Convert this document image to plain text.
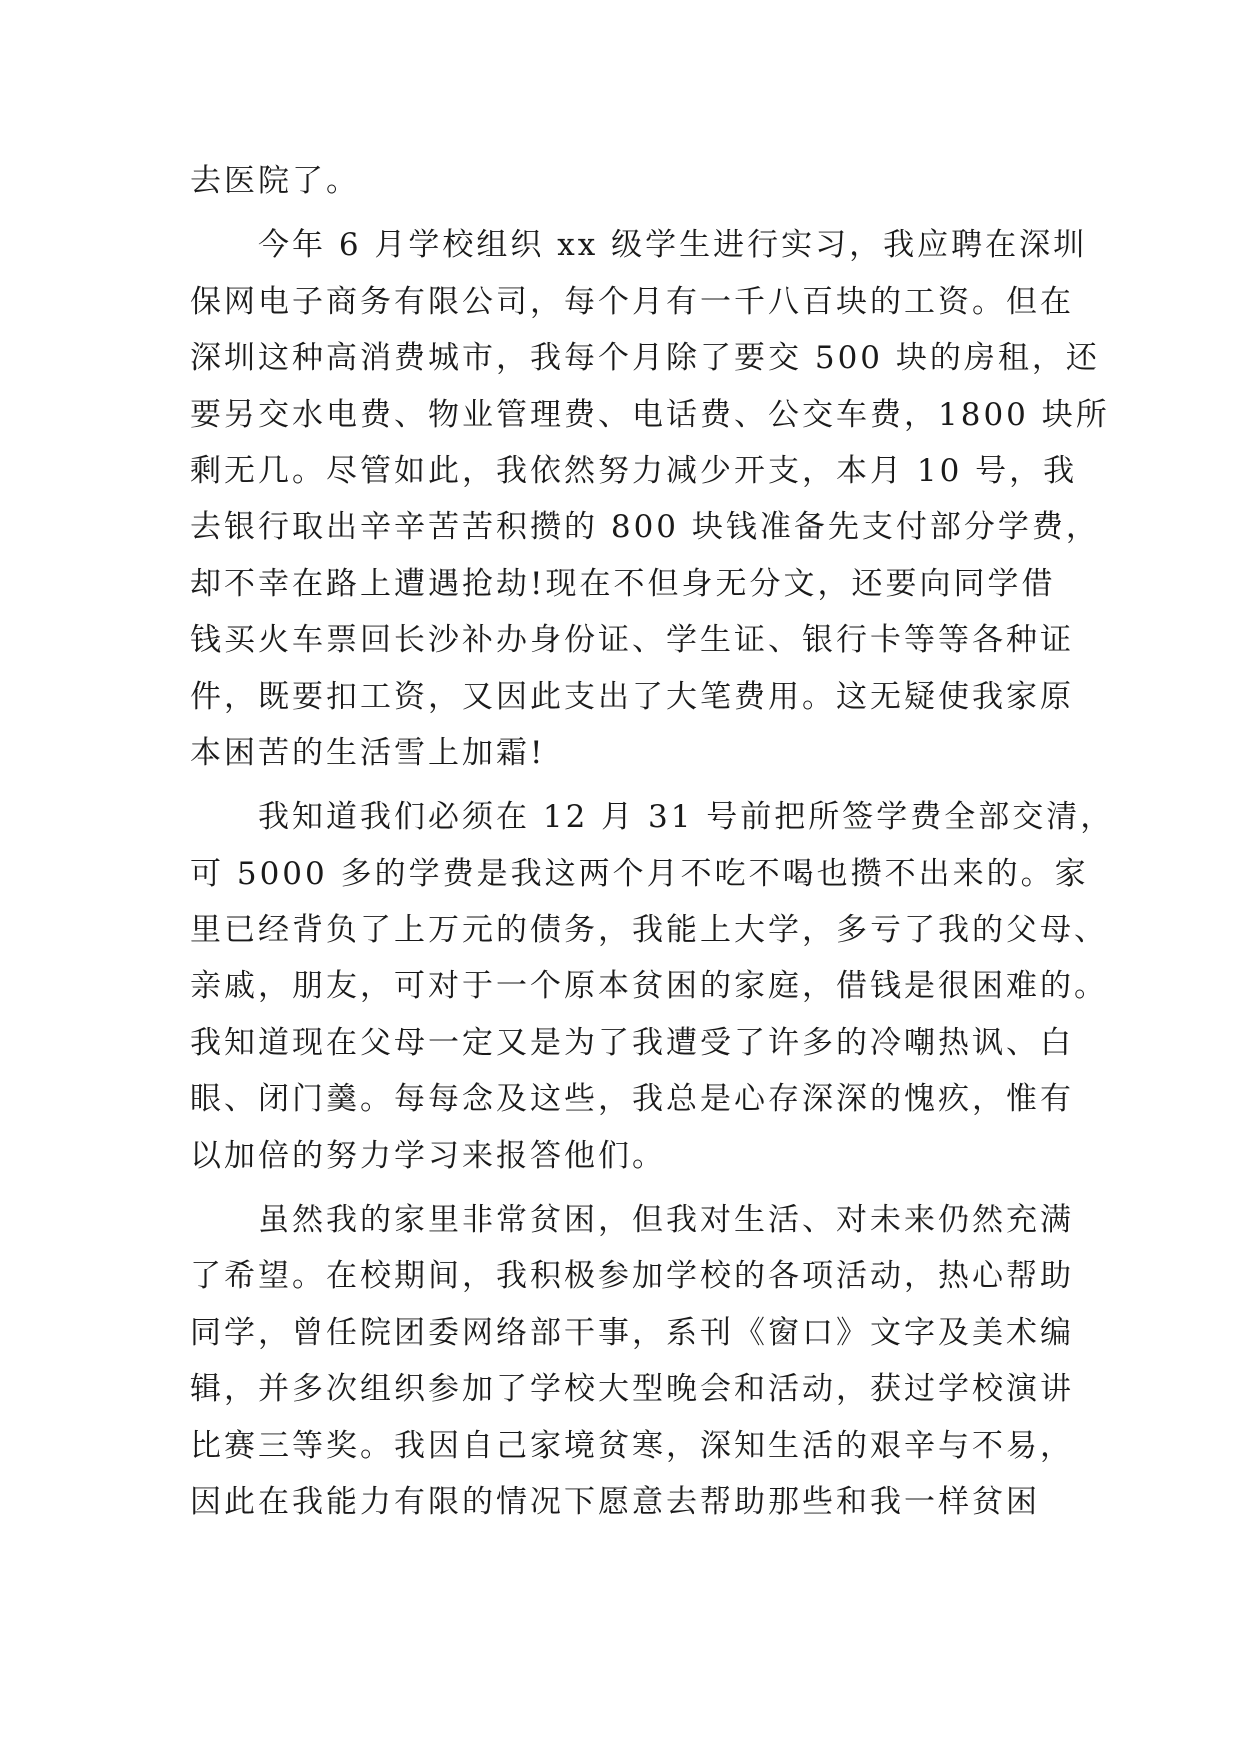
去医院了。
　　今年 6 月学校组织 xx 级学生进行实习，我应聘在深圳
保网电子商务有限公司，每个月有一千八百块的工资。但在
深圳这种高消费城市，我每个月除了要交 500 块的房租，还
要另交水电费、物业管理费、电话费、公交车费，1800 块所
剩无几。尽管如此，我依然努力减少开支，本月 10 号，我
去银行取出辛辛苦苦积攒的 800 块钱准备先支付部分学费，
却不幸在路上遭遇抢劫!现在不但身无分文，还要向同学借
钱买火车票回长沙补办身份证、学生证、银行卡等等各种证
件，既要扣工资，又因此支出了大笔费用。这无疑使我家原
本困苦的生活雪上加霜!
　　我知道我们必须在 12 月 31 号前把所签学费全部交清，
可 5000 多的学费是我这两个月不吃不喝也攒不出来的。家
里已经背负了上万元的债务，我能上大学，多亏了我的父母、
亲戚，朋友，可对于一个原本贫困的家庭，借钱是很困难的。
我知道现在父母一定又是为了我遭受了许多的冷嘲热讽、白
眼、闭门羹。每每念及这些，我总是心存深深的愧疚，惟有
以加倍的努力学习来报答他们。
　　虽然我的家里非常贫困，但我对生活、对未来仍然充满
了希望。在校期间，我积极参加学校的各项活动，热心帮助
同学，曾任院团委网络部干事，系刊《窗口》文字及美术编
辑，并多次组织参加了学校大型晚会和活动，获过学校演讲
比赛三等奖。我因自己家境贫寒，深知生活的艰辛与不易，
因此在我能力有限的情况下愿意去帮助那些和我一样贫困
